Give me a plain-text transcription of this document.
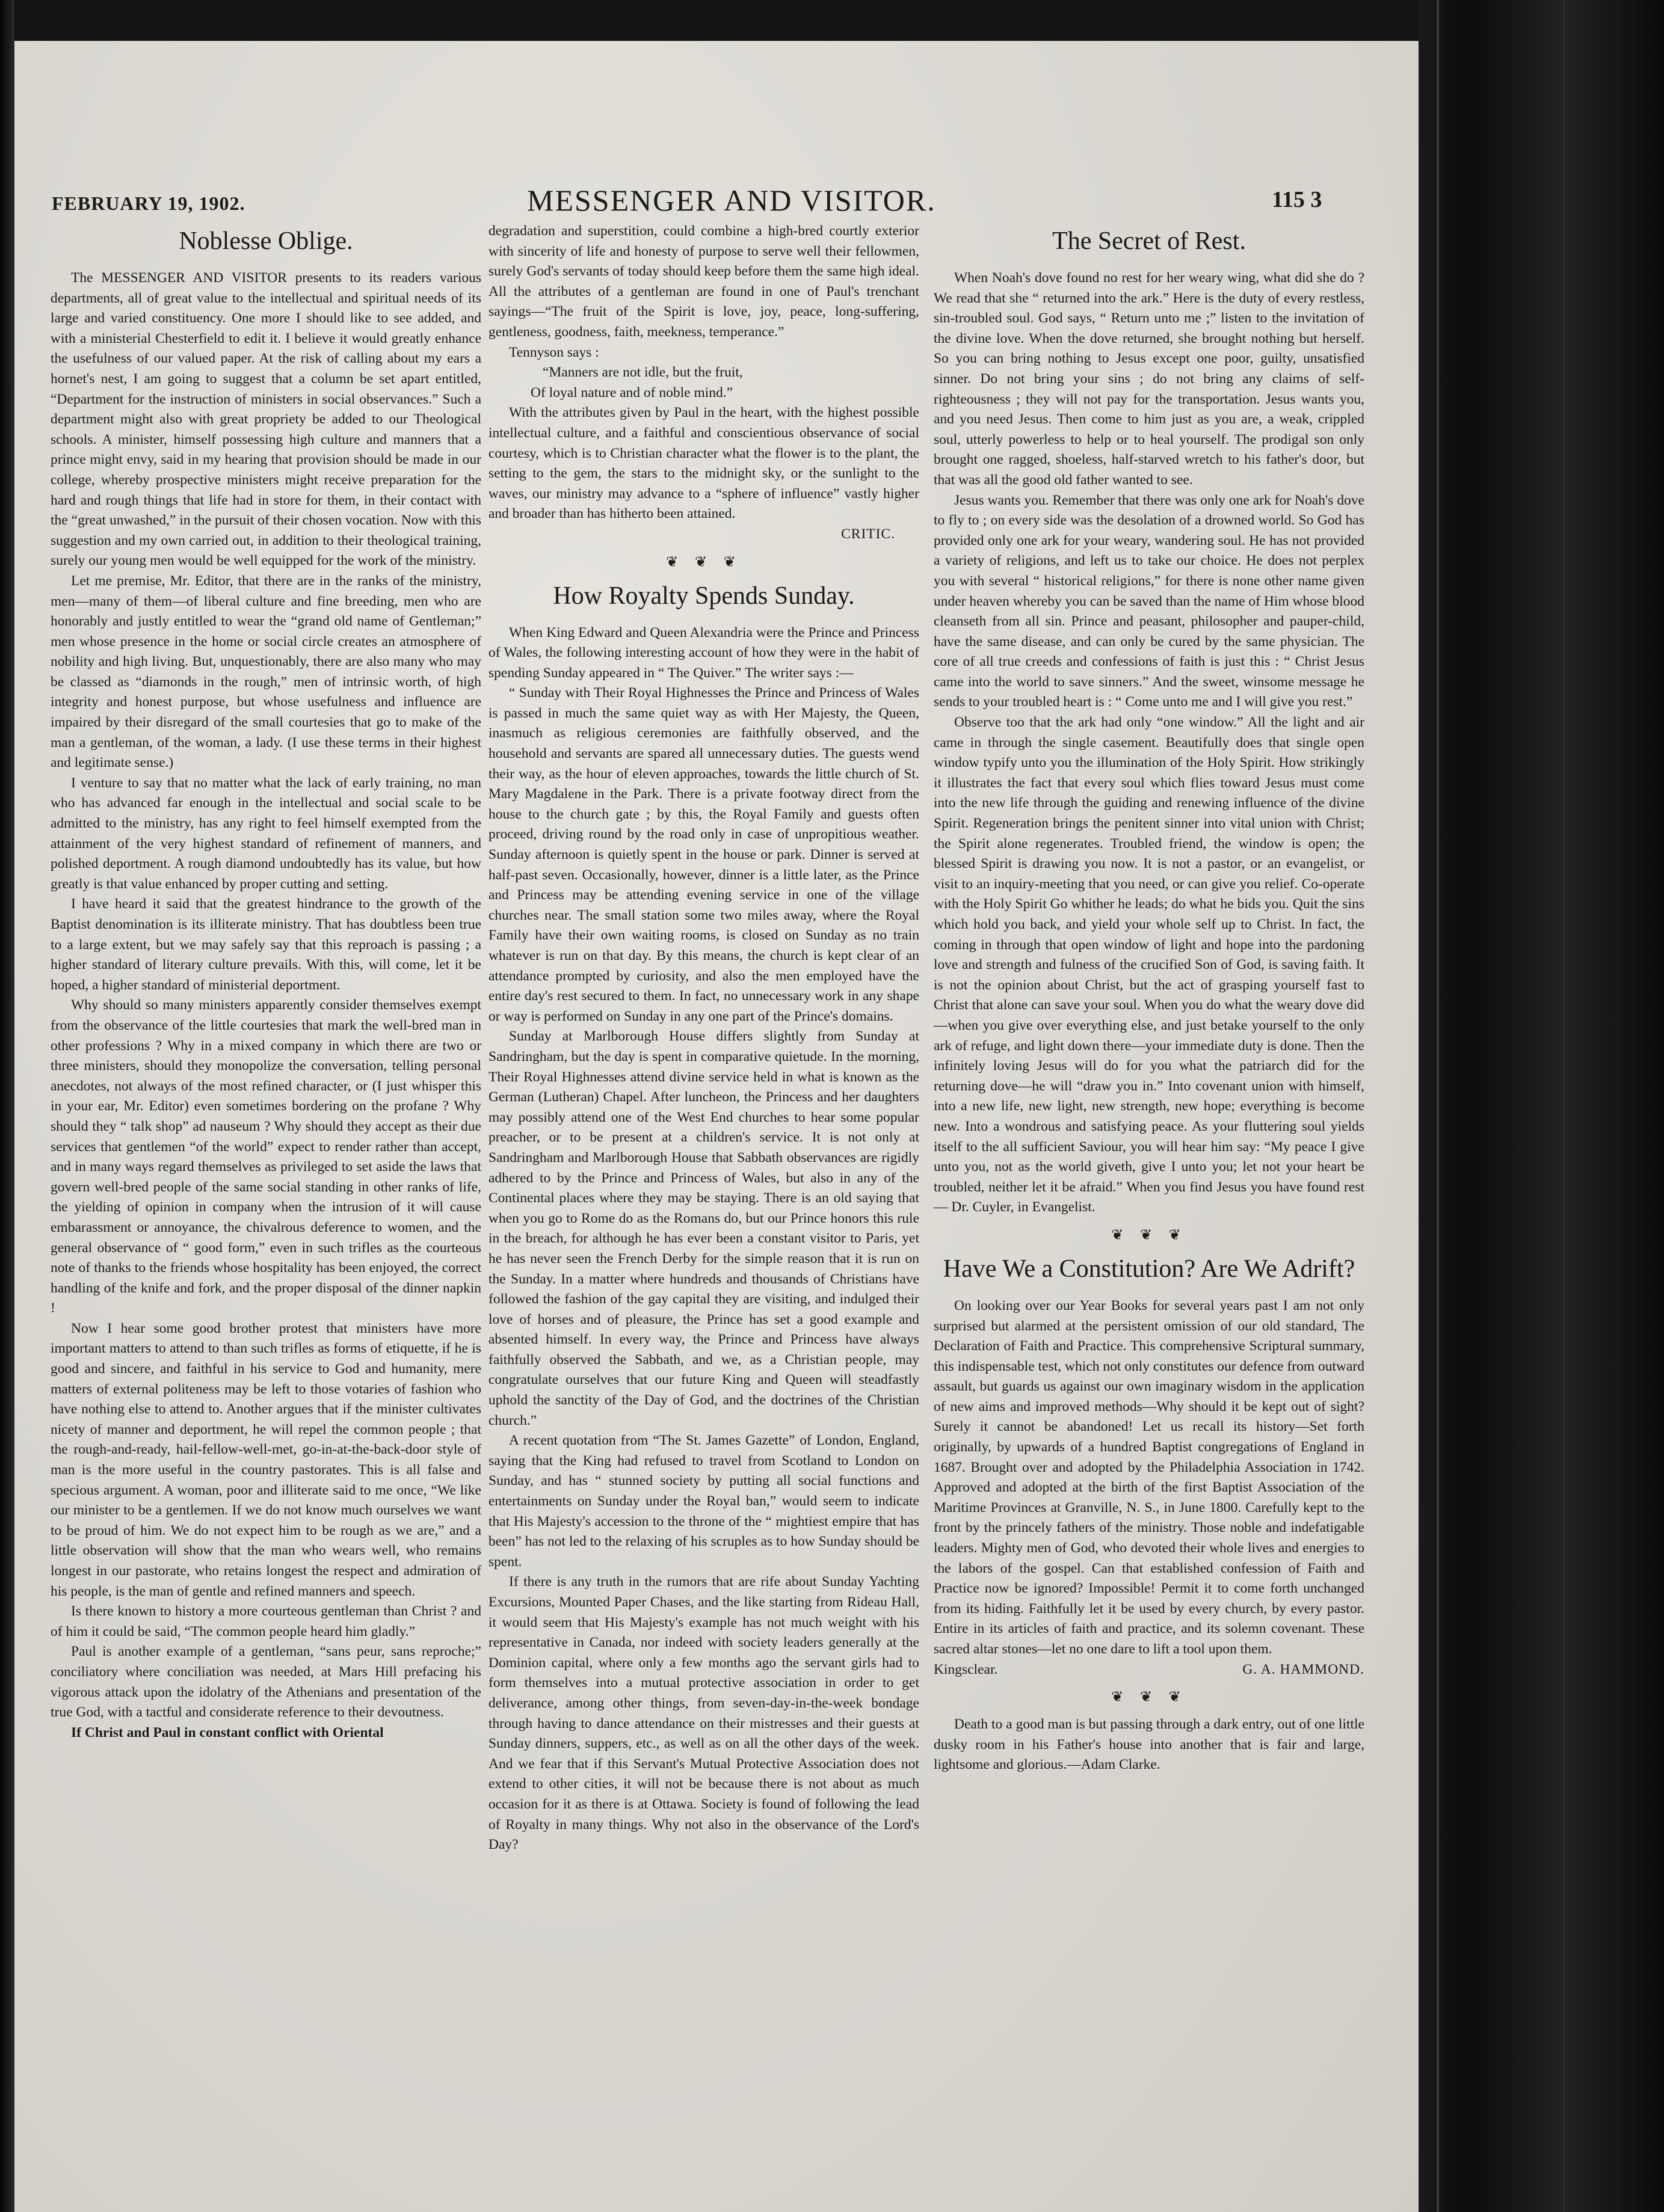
FEBRUARY 19, 1902.	MESSENGER AND VISITOR.	115 3
Noblesse Oblige.

The MESSENGER AND VISITOR presents to its readers various departments, all of great value to the intellectual and spiritual needs of its large and varied constituency. One more I should like to see added, and with a ministerial Chesterfield to edit it. I believe it would greatly enhance the usefulness of our valued paper. At the risk of calling about my ears a hornet's nest, I am going to suggest that a column be set apart entitled, “Department for the instruction of ministers in social observances.” Such a department might also with great propriety be added to our Theological schools. A minister, himself possessing high culture and manners that a prince might envy, said in my hearing that provision should be made in our college, whereby prospective ministers might receive preparation for the hard and rough things that life had in store for them, in their contact with the “great unwashed,” in the pursuit of their chosen vocation. Now with this suggestion and my own carried out, in addition to their theological training, surely our young men would be well equipped for the work of the ministry.

Let me premise, Mr. Editor, that there are in the ranks of the ministry, men—many of them—of liberal culture and fine breeding, men who are honorably and justly entitled to wear the “grand old name of Gentleman;” men whose presence in the home or social circle creates an atmosphere of nobility and high living. But, unquestionably, there are also many who may be classed as “diamonds in the rough,” men of intrinsic worth, of high integrity and honest purpose, but whose usefulness and influence are impaired by their disregard of the small courtesies that go to make of the man a gentleman, of the woman, a lady. (I use these terms in their highest and legitimate sense.)

I venture to say that no matter what the lack of early training, no man who has advanced far enough in the intellectual and social scale to be admitted to the ministry, has any right to feel himself exempted from the attainment of the very highest standard of refinement of manners, and polished deportment. A rough diamond undoubtedly has its value, but how greatly is that value enhanced by proper cutting and setting.

I have heard it said that the greatest hindrance to the growth of the Baptist denomination is its illiterate ministry. That has doubtless been true to a large extent, but we may safely say that this reproach is passing ; a higher standard of literary culture prevails. With this, will come, let it be hoped, a higher standard of ministerial deportment.

Why should so many ministers apparently consider themselves exempt from the observance of the little courtesies that mark the well-bred man in other professions ? Why in a mixed company in which there are two or three ministers, should they monopolize the conversation, telling personal anecdotes, not always of the most refined character, or (I just whisper this in your ear, Mr. Editor) even sometimes bordering on the profane ? Why should they “ talk shop” ad nauseum ? Why should they accept as their due services that gentlemen “of the world” expect to render rather than accept, and in many ways regard themselves as privileged to set aside the laws that govern well-bred people of the same social standing in other ranks of life, the yielding of opinion in company when the intrusion of it will cause embarassment or annoyance, the chivalrous deference to women, and the general observance of “ good form,” even in such trifles as the courteous note of thanks to the friends whose hospitality has been enjoyed, the correct handling of the knife and fork, and the proper disposal of the dinner napkin !

Now I hear some good brother protest that ministers have more important matters to attend to than such trifles as forms of etiquette, if he is good and sincere, and faithful in his service to God and humanity, mere matters of external politeness may be left to those votaries of fashion who have nothing else to attend to. Another argues that if the minister cultivates nicety of manner and deportment, he will repel the common people ; that the rough-and-ready, hail-fellow-well-met, go-in-at-the-back-door style of man is the more useful in the country pastorates. This is all false and specious argument. A woman, poor and illiterate said to me once, “We like our minister to be a gentlemen. If we do not know much ourselves we want to be proud of him. We do not expect him to be rough as we are,” and a little observation will show that the man who wears well, who remains longest in our pastorate, who retains longest the respect and admiration of his people, is the man of gentle and refined manners and speech.

Is there known to history a more courteous gentleman than Christ ? and of him it could be said, “The common people heard him gladly.”

Paul is another example of a gentleman, “sans peur, sans reproche;” conciliatory where conciliation was needed, at Mars Hill prefacing his vigorous attack upon the idolatry of the Athenians and presentation of the true God, with a tactful and considerate reference to their devoutness.

If Christ and Paul in constant conflict with Oriental

degradation and superstition, could combine a high-bred courtly exterior with sincerity of life and honesty of purpose to serve well their fellowmen, surely God's servants of today should keep before them the same high ideal. All the attributes of a gentleman are found in one of Paul's trenchant sayings—“The fruit of the Spirit is love, joy, peace, long-suffering, gentleness, goodness, faith, meekness, temperance.”

Tennyson says :

“Manners are not idle, but the fruit,
Of loyal nature and of noble mind.”

With the attributes given by Paul in the heart, with the highest possible intellectual culture, and a faithful and conscientious observance of social courtesy, which is to Christian character what the flower is to the plant, the setting to the gem, the stars to the midnight sky, or the sunlight to the waves, our ministry may advance to a “sphere of influence” vastly higher and broader than has hitherto been attained.

CRITIC.
❦ ❦ ❦
How Royalty Spends Sunday.

When King Edward and Queen Alexandria were the Prince and Princess of Wales, the following interesting account of how they were in the habit of spending Sunday appeared in “ The Quiver.” The writer says :—

“ Sunday with Their Royal Highnesses the Prince and Princess of Wales is passed in much the same quiet way as with Her Majesty, the Queen, inasmuch as religious ceremonies are faithfully observed, and the household and servants are spared all unnecessary duties. The guests wend their way, as the hour of eleven approaches, towards the little church of St. Mary Magdalene in the Park. There is a private footway direct from the house to the church gate ; by this, the Royal Family and guests often proceed, driving round by the road only in case of unpropitious weather. Sunday afternoon is quietly spent in the house or park. Dinner is served at half-past seven. Occasionally, however, dinner is a little later, as the Prince and Princess may be attending evening service in one of the village churches near. The small station some two miles away, where the Royal Family have their own waiting rooms, is closed on Sunday as no train whatever is run on that day. By this means, the church is kept clear of an attendance prompted by curiosity, and also the men employed have the entire day's rest secured to them. In fact, no unnecessary work in any shape or way is performed on Sunday in any one part of the Prince's domains.

Sunday at Marlborough House differs slightly from Sunday at Sandringham, but the day is spent in comparative quietude. In the morning, Their Royal Highnesses attend divine service held in what is known as the German (Lutheran) Chapel. After luncheon, the Princess and her daughters may possibly attend one of the West End churches to hear some popular preacher, or to be present at a children's service. It is not only at Sandringham and Marlborough House that Sabbath observances are rigidly adhered to by the Prince and Princess of Wales, but also in any of the Continental places where they may be staying. There is an old saying that when you go to Rome do as the Romans do, but our Prince honors this rule in the breach, for although he has ever been a constant visitor to Paris, yet he has never seen the French Derby for the simple reason that it is run on the Sunday. In a matter where hundreds and thousands of Christians have followed the fashion of the gay capital they are visiting, and indulged their love of horses and of pleasure, the Prince has set a good example and absented himself. In every way, the Prince and Princess have always faithfully observed the Sabbath, and we, as a Christian people, may congratulate ourselves that our future King and Queen will steadfastly uphold the sanctity of the Day of God, and the doctrines of the Christian church.”

A recent quotation from “The St. James Gazette” of London, England, saying that the King had refused to travel from Scotland to London on Sunday, and has “ stunned society by putting all social functions and entertainments on Sunday under the Royal ban,” would seem to indicate that His Majesty's accession to the throne of the “ mightiest empire that has been” has not led to the relaxing of his scruples as to how Sunday should be spent.

If there is any truth in the rumors that are rife about Sunday Yachting Excursions, Mounted Paper Chases, and the like starting from Rideau Hall, it would seem that His Majesty's example has not much weight with his representative in Canada, nor indeed with society leaders generally at the Dominion capital, where only a few months ago the servant girls had to form themselves into a mutual protective association in order to get deliverance, among other things, from seven-day-in-the-week bondage through having to dance attendance on their mistresses and their guests at Sunday dinners, suppers, etc., as well as on all the other days of the week. And we fear that if this Servant's Mutual Protective Association does not extend to other cities, it will not be because there is not about as much occasion for it as there is at Ottawa. Society is found of following the lead of Royalty in many things. Why not also in the observance of the Lord's Day?

The Secret of Rest.

When Noah's dove found no rest for her weary wing, what did she do ? We read that she “ returned into the ark.” Here is the duty of every restless, sin-troubled soul. God says, “ Return unto me ;” listen to the invitation of the divine love. When the dove returned, she brought nothing but herself. So you can bring nothing to Jesus except one poor, guilty, unsatisfied sinner. Do not bring your sins ; do not bring any claims of self-righteousness ; they will not pay for the transportation. Jesus wants you, and you need Jesus. Then come to him just as you are, a weak, crippled soul, utterly powerless to help or to heal yourself. The prodigal son only brought one ragged, shoeless, half-starved wretch to his father's door, but that was all the good old father wanted to see.

Jesus wants you. Remember that there was only one ark for Noah's dove to fly to ; on every side was the desolation of a drowned world. So God has provided only one ark for your weary, wandering soul. He has not provided a variety of religions, and left us to take our choice. He does not perplex you with several “ historical religions,” for there is none other name given under heaven whereby you can be saved than the name of Him whose blood cleanseth from all sin. Prince and peasant, philosopher and pauper-child, have the same disease, and can only be cured by the same physician. The core of all true creeds and confessions of faith is just this : “ Christ Jesus came into the world to save sinners.” And the sweet, winsome message he sends to your troubled heart is : “ Come unto me and I will give you rest.”

Observe too that the ark had only “one window.” All the light and air came in through the single casement. Beautifully does that single open window typify unto you the illumination of the Holy Spirit. How strikingly it illustrates the fact that every soul which flies toward Jesus must come into the new life through the guiding and renewing influence of the divine Spirit. Regeneration brings the penitent sinner into vital union with Christ; the Spirit alone regenerates. Troubled friend, the window is open; the blessed Spirit is drawing you now. It is not a pastor, or an evangelist, or visit to an inquiry-meeting that you need, or can give you relief. Co-operate with the Holy Spirit Go whither he leads; do what he bids you. Quit the sins which hold you back, and yield your whole self up to Christ. In fact, the coming in through that open window of light and hope into the pardoning love and strength and fulness of the crucified Son of God, is saving faith. It is not the opinion about Christ, but the act of grasping yourself fast to Christ that alone can save your soul. When you do what the weary dove did—when you give over everything else, and just betake yourself to the only ark of refuge, and light down there—your immediate duty is done. Then the infinitely loving Jesus will do for you what the patriarch did for the returning dove—he will “draw you in.” Into covenant union with himself, into a new life, new light, new strength, new hope; everything is become new. Into a wondrous and satisfying peace. As your fluttering soul yields itself to the all sufficient Saviour, you will hear him say: “My peace I give unto you, not as the world giveth, give I unto you; let not your heart be troubled, neither let it be afraid.” When you find Jesus you have found rest — Dr. Cuyler, in Evangelist.

❦ ❦ ❦
Have We a Constitution? Are We Adrift?

On looking over our Year Books for several years past I am not only surprised but alarmed at the persistent omission of our old standard, The Declaration of Faith and Practice. This comprehensive Scriptural summary, this indispensable test, which not only constitutes our defence from outward assault, but guards us against our own imaginary wisdom in the application of new aims and improved methods—Why should it be kept out of sight? Surely it cannot be abandoned! Let us recall its history—Set forth originally, by upwards of a hundred Baptist congregations of England in 1687. Brought over and adopted by the Philadelphia Association in 1742. Approved and adopted at the birth of the first Baptist Association of the Maritime Provinces at Granville, N. S., in June 1800. Carefully kept to the front by the princely fathers of the ministry. Those noble and indefatigable leaders. Mighty men of God, who devoted their whole lives and energies to the labors of the gospel. Can that established confession of Faith and Practice now be ignored? Impossible! Permit it to come forth unchanged from its hiding. Faithfully let it be used by every church, by every pastor. Entire in its articles of faith and practice, and its solemn covenant. These sacred altar stones—let no one dare to lift a tool upon them.

Kingsclear.	G. A. HAMMOND.
❦ ❦ ❦

Death to a good man is but passing through a dark entry, out of one little dusky room in his Father's house into another that is fair and large, lightsome and glorious.—Adam Clarke.
